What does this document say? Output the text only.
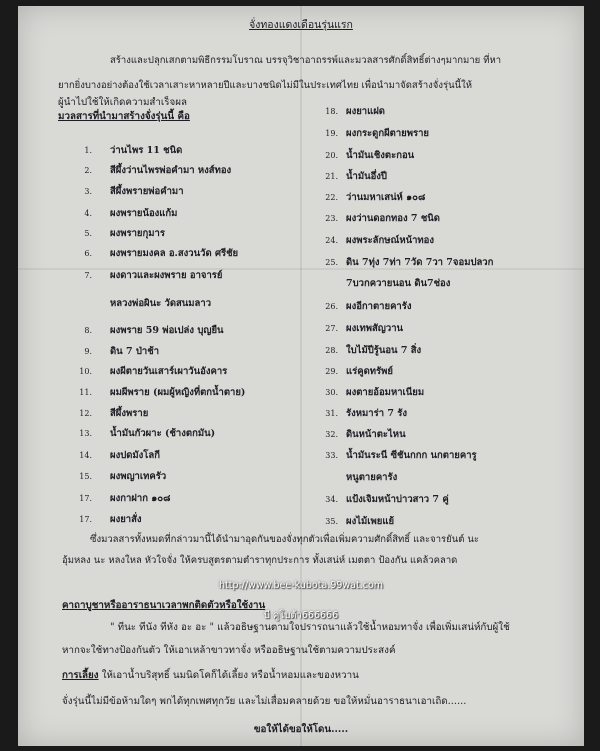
จั่งทองแดงเดือนรุ่นแรก
สร้างและปลุกเสกตามพิธีกรรมโบราณ บรรจุวิชาอาถรรพ์และมวลสารศักดิ์สิทธิ์ต่างๆมากมาย ที่หา
ยากยิ่งบางอย่างต้องใช้เวลาเสาะหาหลายปีและบางชนิดไม่มีในประเทศไทย เพื่อนำมาจัดสร้างจั่งรุ่นนี้ให้
ผู้นำไปใช้ให้เกิดความสำเร็จผล
มวลสารที่นำมาสร้างจั่งรุ่นนี้ คือ
1. ว่านไพร 11 ชนิด
2. สีผึ้งว่านไพรพ่อคำมา หงส์ทอง
3. สีผึ้งพรายพ่อคำมา
4. ผงพรายน้องแก้ม
5. ผงพรายกุมาร
6. ผงพรายมงคล อ.สงวนวัด ศรีชัย
7. ผงดาวและผงพราย อาจารย์
หลวงพ่อผินะ วัดสนมลาว
8. ผงพราย 59 พ่อเปล่ง บุญยืน
9. ดิน 7 ป่าช้า
10. ผงผีตายวันเสาร์เผาวันอังคาร
11. ผมผีพราย (ผมผู้หญิงที่ตกน้ำตาย)
12. สีผึ้งพราย
13. น้ำมันกัวผาะ (ช้างตกมัน)
14. ผงปดมังโลกี
15. ผงพญาเทครัว
17. ผงกาฝาก ๑๐๘
17. ผงยาสั่ง
18. ผงยาแฝด
19. ผงกระดูกผีตายพราย
20. น้ำมันเชิงตะกอน
21. น้ำมันอึ่งปี
22. ว่านมหาเสน่ห์ ๑๐๘
23. ผงว่านดอกทอง 7 ชนิด
24. ผงพระลักษณ์หน้าทอง
25. ดิน 7ทุ่ง 7ท่า 7วัด 7วา 7จอมปลวก
7บวกควายนอน ดิน7ช่อง
26. ผงอีกาตายคารัง
27. ผงเทพสัญวาน
28. ใบไม้ปีรู้นอน 7 สิ่ง
29. แร่คูดทรัพย์
30. ผงตายอ้อมหาเนียม
31. รังหมาร่า 7 รัง
32. ดินหน้าตะไหน
33. น้ำมันระนี ซีชันกกก นกตายคารู
หนูตายคารัง
34. แป้งเจิมหน้าบ่าวสาว 7 คู่
35. ผงไม้เพยแย้
ซึ่งมวลสารทั้งหมดที่กล่าวมานี้ได้นำมาอุดกันของจั่งทุกตัวเพื่อเพิ่มความศักดิ์สิทธิ์ และจารยันต์ นะ
อุ้มหลง นะ หลงใหล หัวใจจั่ง ให้ครบสูตรตามตำราทุกประการ ทั้งเสน่ห์ เมตตา ป้องกัน แคล้วคลาด
http://www.bee-kubota.99wat.com
คาถาบูชาหรืออาราธนาเวลาพกติดตัวหรือใช้งาน
บี คูโบต้า666666
" ทีนะ ทีนัง ทีหัง อะ อะ " แล้วอธิษฐานตามใจปรารถนาแล้วใช้น้ำหอมทาจั่ง เพื่อเพิ่มเสน่ห์กับผู้ใช้
หากจะใช้ทางป้องกันตัว ให้เอาเหล้าขาวทาจั่ง หรืออธิษฐานใช้ตามความประสงค์
การเลี้ยง ให้เอาน้ำบริสุทธิ์ นมนิดโคก็ได้เลี้ยง หรือน้ำหอมและของหวาน
จั่งรุ่นนี้ไม่มีข้อห้ามใดๆ พกได้ทุกเพศทุกวัย และไม่เสื่อมคลายด้วย ขอให้หมั่นอาราธนาเอาเถิด......
ขอให้ได้ขอให้โดน.....
